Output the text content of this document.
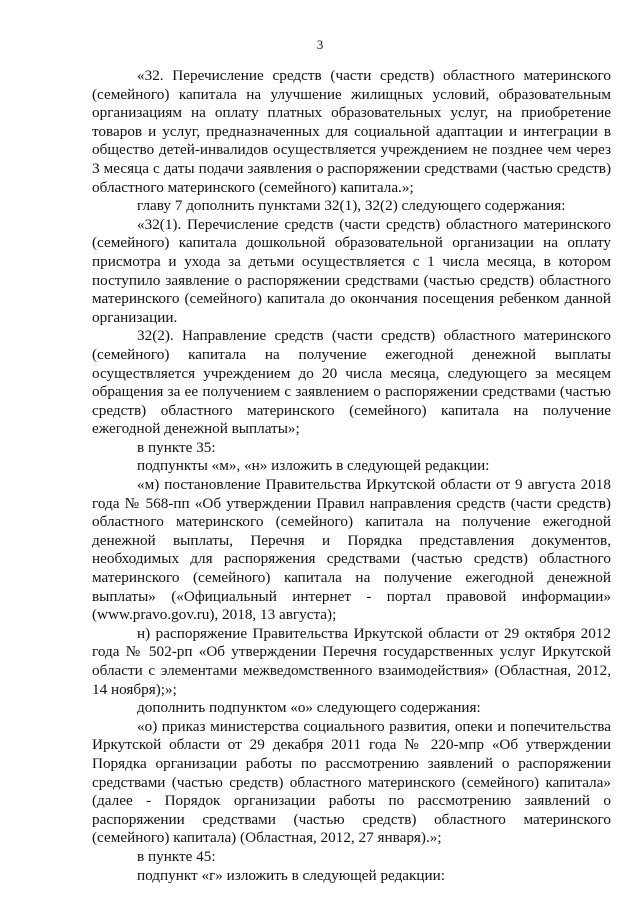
3

«32. Перечисление средств (части средств) областного материнского (семейного) капитала на улучшение жилищных условий, образовательным организациям на оплату платных образовательных услуг, на приобретение товаров и услуг, предназначенных для социальной адаптации и интеграции в общество детей-инвалидов осуществляется учреждением не позднее чем через 3 месяца с даты подачи заявления о распоряжении средствами (частью средств) областного материнского (семейного) капитала.»;

главу 7 дополнить пунктами 32(1), 32(2) следующего содержания:

«32(1). Перечисление средств (части средств) областного материнского (семейного) капитала дошкольной образовательной организации на оплату присмотра и ухода за детьми осуществляется с 1 числа месяца, в котором поступило заявление о распоряжении средствами (частью средств) областного материнского (семейного) капитала до окончания посещения ребенком данной организации.

32(2). Направление средств (части средств) областного материнского (семейного) капитала на получение ежегодной денежной выплаты осуществляется учреждением до 20 числа месяца, следующего за месяцем обращения за ее получением с заявлением о распоряжении средствами (частью средств) областного материнского (семейного) капитала на получение ежегодной денежной выплаты»;

в пункте 35:

подпункты «м», «н» изложить в следующей редакции:

«м) постановление Правительства Иркутской области от 9 августа 2018 года № 568-пп «Об утверждении Правил направления средств (части средств) областного материнского (семейного) капитала на получение ежегодной денежной выплаты, Перечня и Порядка представления документов, необходимых для распоряжения средствами (частью средств) областного материнского (семейного) капитала на получение ежегодной денежной выплаты» («Официальный интернет - портал правовой информации» (www.pravo.gov.ru), 2018, 13 августа);

н) распоряжение Правительства Иркутской области от 29 октября 2012 года № 502-рп «Об утверждении Перечня государственных услуг Иркутской области с элементами межведомственного взаимодействия» (Областная, 2012, 14 ноября);»;

дополнить подпунктом «о» следующего содержания:

«о) приказ министерства социального развития, опеки и попечительства Иркутской области от 29 декабря 2011 года № 220-мпр «Об утверждении Порядка организации работы по рассмотрению заявлений о распоряжении средствами (частью средств) областного материнского (семейного) капитала» (далее - Порядок организации работы по рассмотрению заявлений о распоряжении средствами (частью средств) областного материнского (семейного) капитала) (Областная, 2012, 27 января).»;

в пункте 45:

подпункт «г» изложить в следующей редакции:
